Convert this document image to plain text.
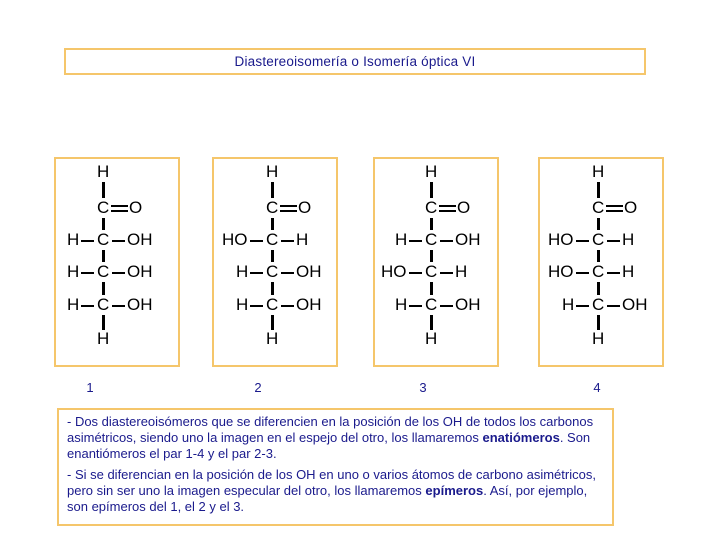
Diastereoisomería o Isomería óptica VI
H
C O
H C OH
H C OH
H C OH
H
1
H
C O
HO C H
H C OH
H C OH
H
2
H
C O
H C OH
HO C H
H C OH
H
3
H
C O
HO C H
HO C H
H C OH
H
4

- Dos diastereoisómeros que se diferencien en la posición de los OH de todos los carbonos asimétricos, siendo uno la imagen en el espejo del otro, los llamaremos enatiómeros. Son enantiómeros el par 1-4 y el par 2-3.

- Si se diferencian en la posición de los OH en uno o varios átomos de carbono asimétricos, pero sin ser uno la imagen especular del otro, los llamaremos epímeros. Así, por ejemplo, son epímeros del 1, el 2 y el 3.
